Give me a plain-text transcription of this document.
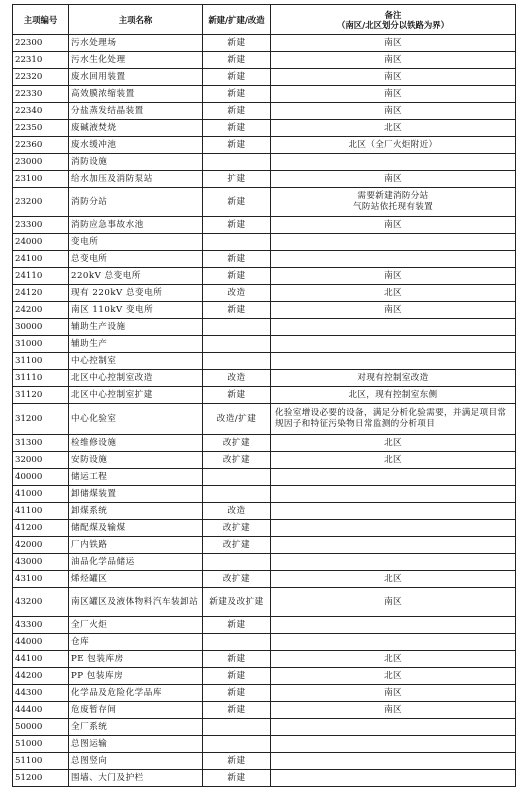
主项编号	主项名称	新建/扩建/改造	备注
（南区/北区划分以铁路为界）
22300	污水处理场	新建	南区
22310	污水生化处理	新建	南区
22320	废水回用装置	新建	南区
22330	高效膜浓缩装置	新建	南区
22340	分盐蒸发结晶装置	新建	南区
22350	废碱液焚烧	新建	北区
22360	废水缓冲池	新建	北区（全厂火炬附近）
23000	消防设施		
23100	给水加压及消防泵站	扩建	南区
23200	消防分站	新建	需要新建消防分站
气防站依托现有装置
23300	消防应急事故水池	新建	南区
24000	变电所		
24100	总变电所	新建	
24110	220kV 总变电所	新建	南区
24120	现有 220kV 总变电所	改造	北区
24200	南区 110kV 变电所	新建	南区
30000	辅助生产设施		
31000	辅助生产		
31100	中心控制室		
31110	北区中心控制室改造	改造	对现有控制室改造
31120	北区中心控制室扩建	新建	北区，现有控制室东侧
31200	中心化验室	改造/扩建	化验室增设必要的设备，满足分析化验需要，并满足项目常规因子和特征污染物日常监测的分析项目
31300	检维修设施	改扩建	北区
32000	安防设施	改扩建	北区
40000	储运工程		
41000	卸储煤装置		
41100	卸煤系统	改造	
41200	储配煤及输煤	改扩建	
42000	厂内铁路	改扩建	
43000	油品化学品储运		
43100	烯烃罐区	改扩建	北区
43200	南区罐区及液体物料汽车装卸站	新建及改扩建	南区
43300	全厂火炬	新建	
44000	仓库		
44100	PE 包装库房	新建	北区
44200	PP 包装库房	新建	北区
44300	化学品及危险化学品库	新建	南区
44400	危废暂存间	新建	南区
50000	全厂系统		
51000	总图运输		
51100	总图竖向	新建	
51200	围墙、大门及护栏	新建	
